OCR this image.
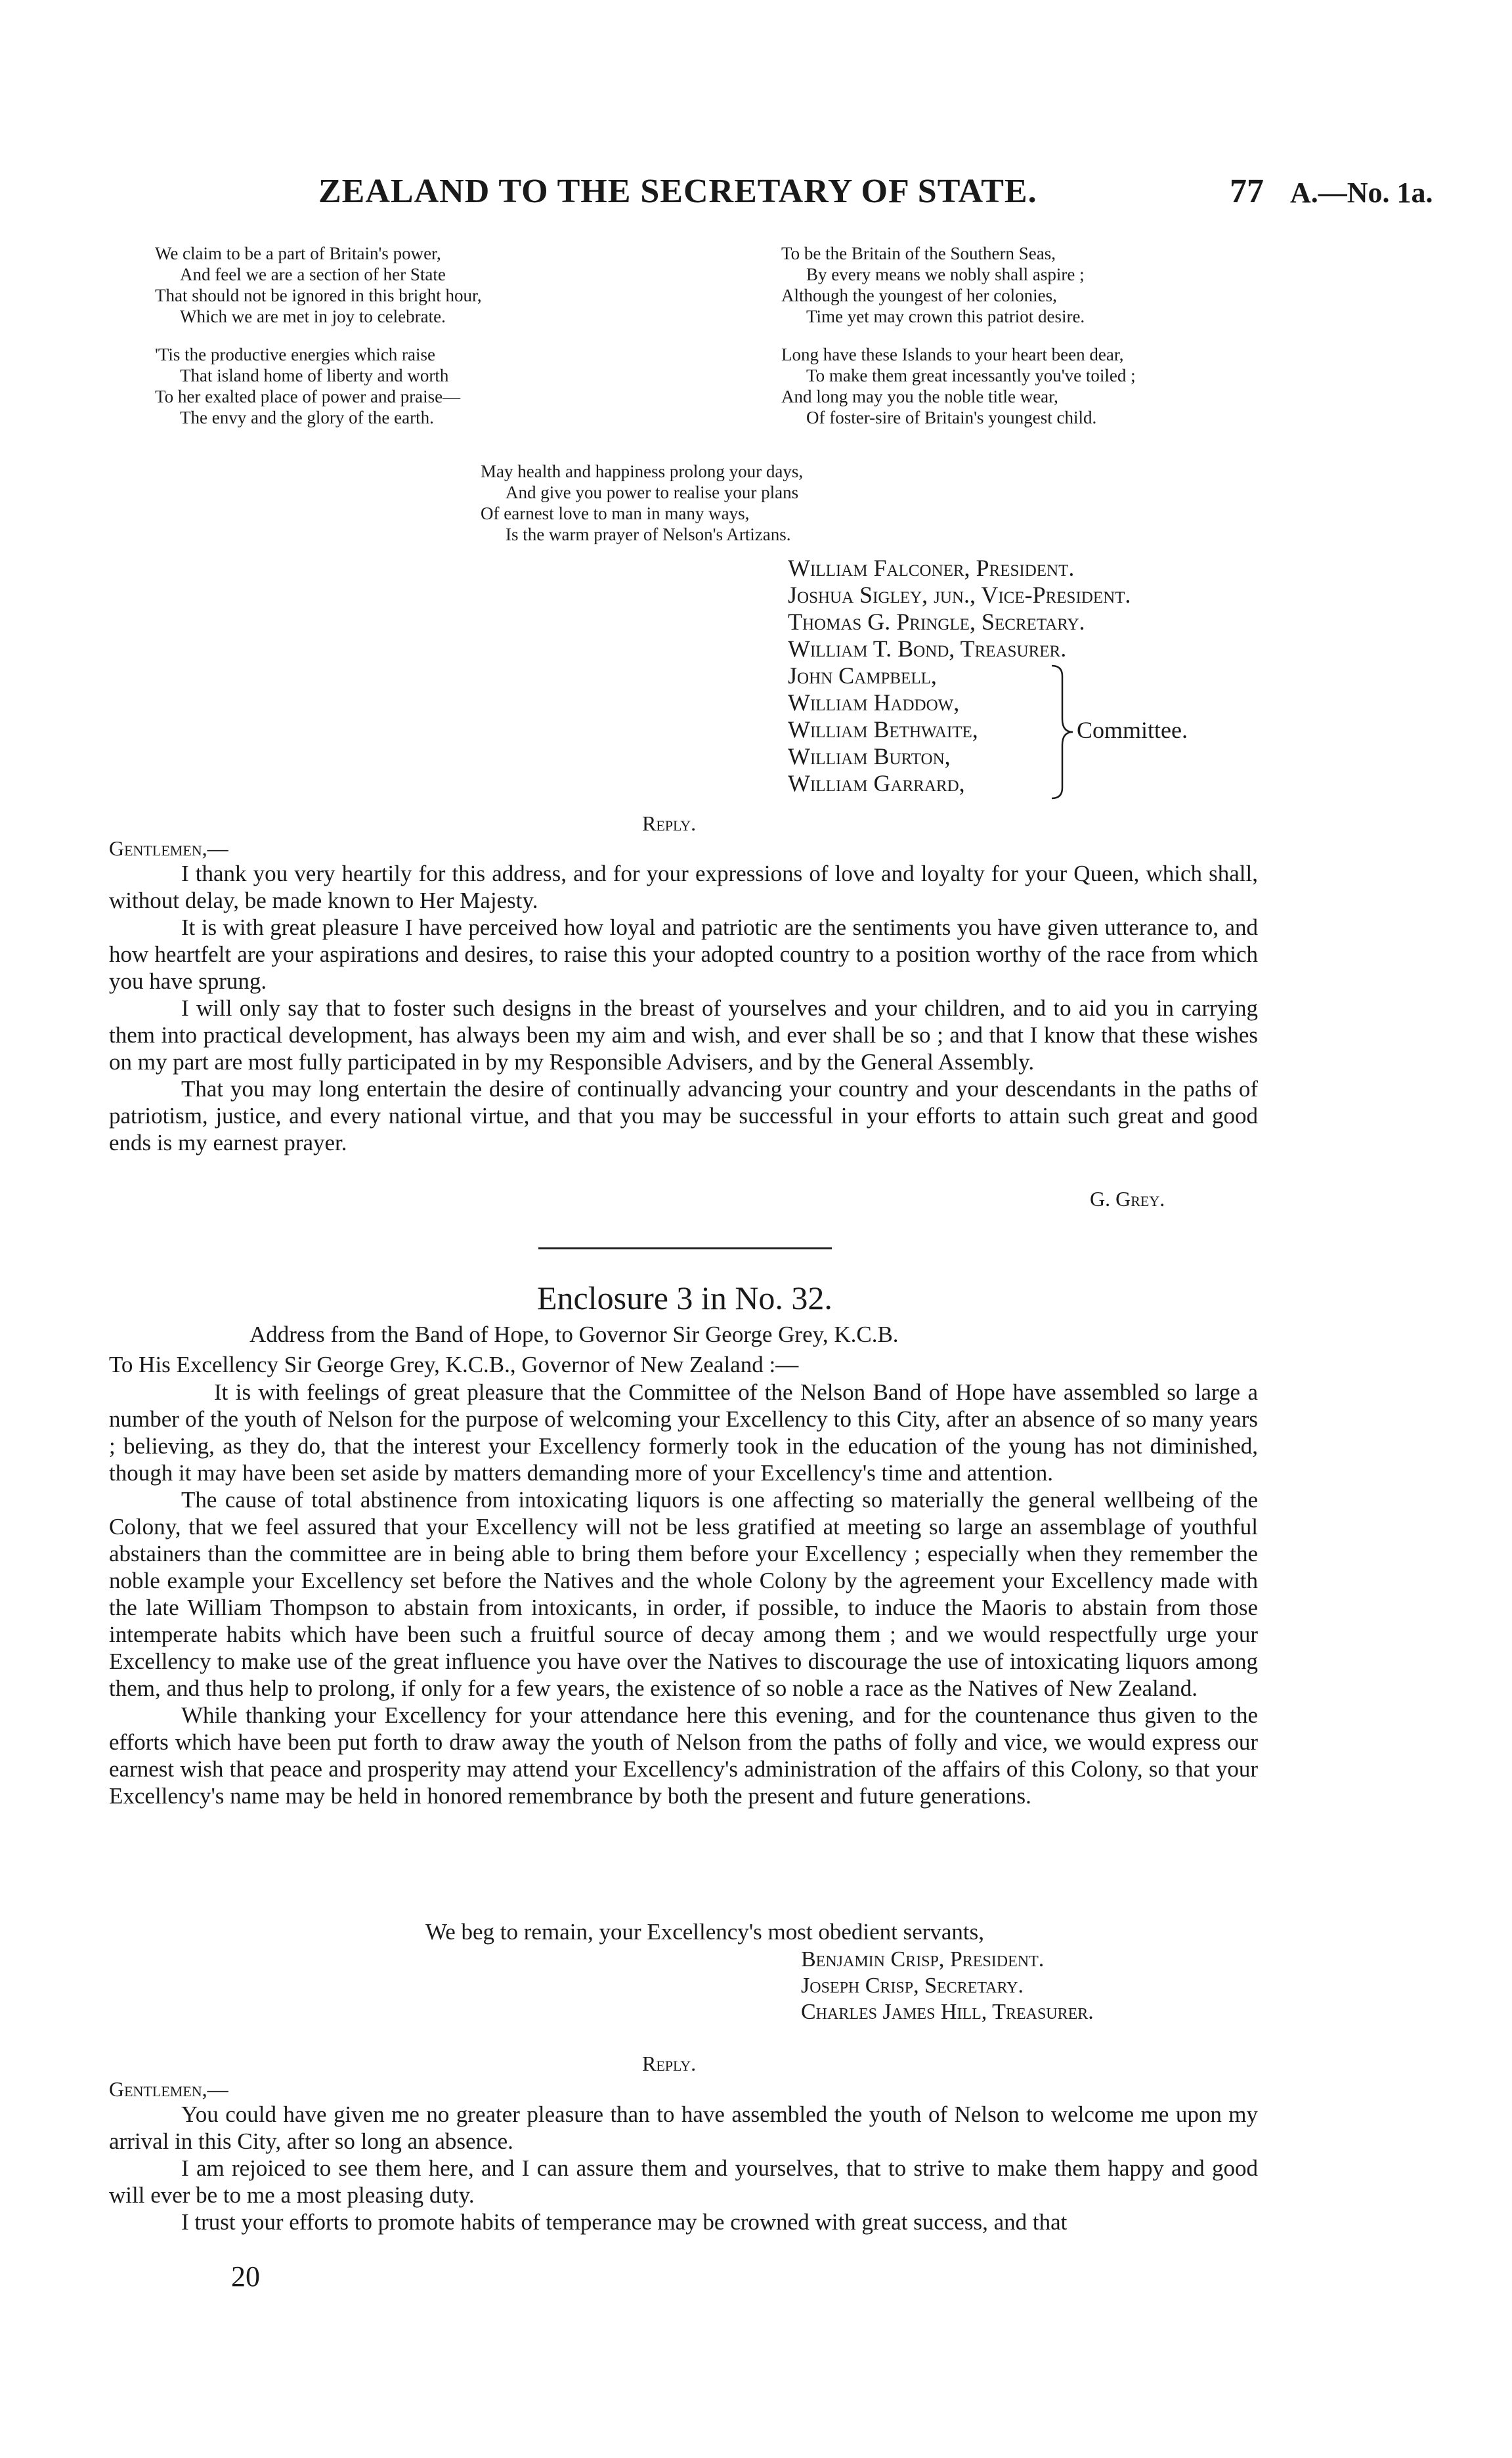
ZEALAND TO THE SECRETARY OF STATE.	77 A.—No. 1a.
We claim to be a part of Britain's power,
And feel we are a section of her State
That should not be ignored in this bright hour,
Which we are met in joy to celebrate.
'Tis the productive energies which raise
That island home of liberty and worth
To her exalted place of power and praise—
The envy and the glory of the earth.
To be the Britain of the Southern Seas,
By every means we nobly shall aspire ;
Although the youngest of her colonies,
Time yet may crown this patriot desire.
Long have these Islands to your heart been dear,
To make them great incessantly you've toiled ;
And long may you the noble title wear,
Of foster-sire of Britain's youngest child.
May health and happiness prolong your days,
And give you power to realise your plans
Of earnest love to man in many ways,
Is the warm prayer of Nelson's Artizans.
William Falconer, President.
Joshua Sigley, jun., Vice-President.
Thomas G. Pringle, Secretary.
William T. Bond, Treasurer.
John Campbell,
William Haddow,
William Bethwaite,
William Burton,
William Garrard,
Committee.
Reply.
Gentlemen,—

I thank you very heartily for this address, and for your expressions of love and loyalty for your Queen, which shall, without delay, be made known to Her Majesty.

It is with great pleasure I have perceived how loyal and patriotic are the sentiments you have given utterance to, and how heartfelt are your aspirations and desires, to raise this your adopted country to a position worthy of the race from which you have sprung.

I will only say that to foster such designs in the breast of yourselves and your children, and to aid you in carrying them into practical development, has always been my aim and wish, and ever shall be so ; and that I know that these wishes on my part are most fully participated in by my Responsible Advisers, and by the General Assembly.

That you may long entertain the desire of continually advancing your country and your descendants in the paths of patriotism, justice, and every national virtue, and that you may be successful in your efforts to attain such great and good ends is my earnest prayer.

G. Grey.
Enclosure 3 in No. 32.
Address from the Band of Hope, to Governor Sir George Grey, K.C.B.
To His Excellency Sir George Grey, K.C.B., Governor of New Zealand :—

It is with feelings of great pleasure that the Committee of the Nelson Band of Hope have assembled so large a number of the youth of Nelson for the purpose of welcoming your Excellency to this City, after an absence of so many years ; believing, as they do, that the interest your Excellency formerly took in the education of the young has not diminished, though it may have been set aside by matters demanding more of your Excellency's time and attention.

The cause of total abstinence from intoxicating liquors is one affecting so materially the general wellbeing of the Colony, that we feel assured that your Excellency will not be less gratified at meeting so large an assemblage of youthful abstainers than the committee are in being able to bring them before your Excellency ; especially when they remember the noble example your Excellency set before the Natives and the whole Colony by the agreement your Excellency made with the late William Thompson to abstain from intoxicants, in order, if possible, to induce the Maoris to abstain from those intemperate habits which have been such a fruitful source of decay among them ; and we would respectfully urge your Excellency to make use of the great influence you have over the Natives to discourage the use of intoxicating liquors among them, and thus help to prolong, if only for a few years, the existence of so noble a race as the Natives of New Zealand.

While thanking your Excellency for your attendance here this evening, and for the countenance thus given to the efforts which have been put forth to draw away the youth of Nelson from the paths of folly and vice, we would express our earnest wish that peace and prosperity may attend your Excellency's administration of the affairs of this Colony, so that your Excellency's name may be held in honored remembrance by both the present and future generations.

We beg to remain, your Excellency's most obedient servants,
Benjamin Crisp, President.
Joseph Crisp, Secretary.
Charles James Hill, Treasurer.
Reply.
Gentlemen,—

You could have given me no greater pleasure than to have assembled the youth of Nelson to welcome me upon my arrival in this City, after so long an absence.

I am rejoiced to see them here, and I can assure them and yourselves, that to strive to make them happy and good will ever be to me a most pleasing duty.

I trust your efforts to promote habits of temperance may be crowned with great success, and that

20
